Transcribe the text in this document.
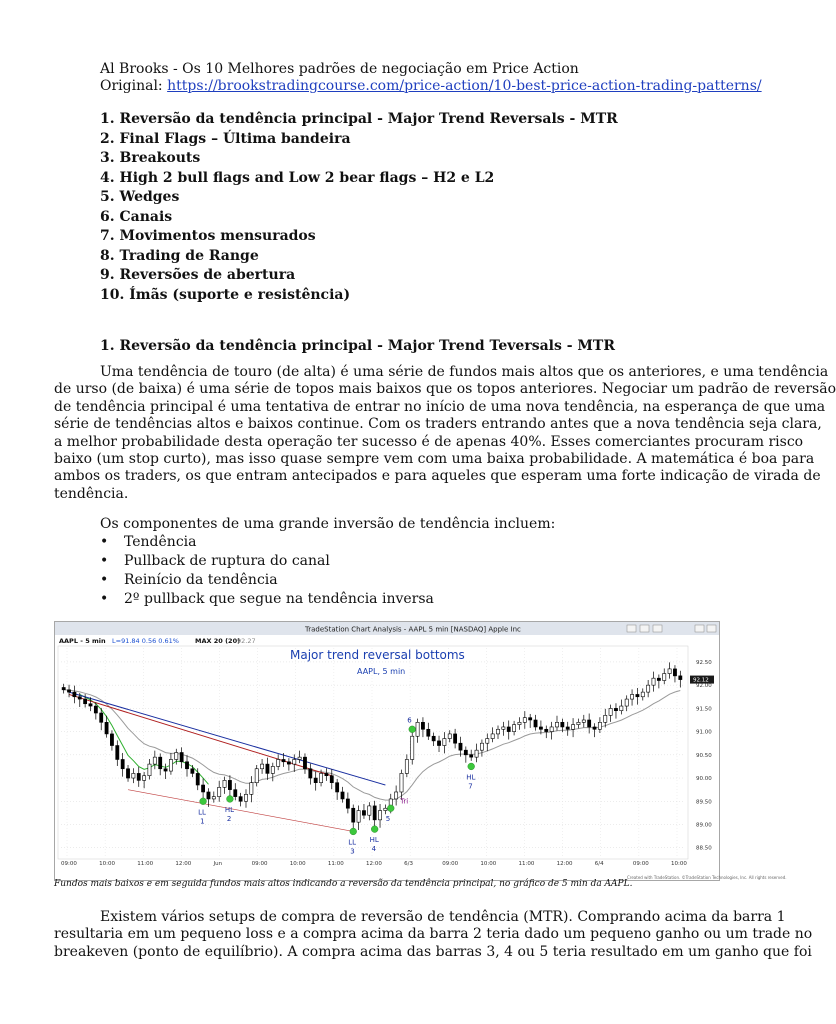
Al Brooks - Os 10 Melhores padrões de negociação em Price Action
Original: https://brookstradingcourse.com/price-action/10-best-price-action-trading-patterns/
1. Reversão da tendência principal - Major Trend Reversals - MTR
2. Final Flags – Última bandeira
3. Breakouts
4. High 2 bull flags and Low 2 bear flags – H2 e L2
5. Wedges
6. Canais
7. Movimentos mensurados
8. Trading de Range
9. Reversões de abertura
10. Ímãs (suporte e resistência)
1. Reversão da tendência principal - Major Trend Teversals - MTR

Uma tendência de touro (de alta) é uma série de fundos mais altos que os anteriores, e uma tendência
de urso (de baixa) é uma série de topos mais baixos que os topos anteriores. Negociar um padrão de reversão
de tendência principal é uma tentativa de entrar no início de uma nova tendência, na esperança de que uma
série de tendências altos e baixos continue. Com os traders entrando antes que a nova tendência seja clara,
a melhor probabilidade desta operação ter sucesso é de apenas 40%. Esses comerciantes procuram risco
baixo (um stop curto), mas isso quase sempre vem com uma baixa probabilidade. A matemática é boa para
ambos os traders, os que entram antecipados e para aqueles que esperam uma forte indicação de virada de
tendência.

Os componentes de uma grande inversão de tendência incluem:
• Tendência
• Pullback de ruptura do canal
• Reinício da tendência
• 2º pullback que segue na tendência inversa
TradeStation Chart Analysis - AAPL 5 min [NASDAQ] Apple Inc
AAPL - 5 min L=91.84 0.56 0.61% MAX 20 (20)
92.27
LL
1
HL
2
LL
3
HL
4
5
Tri
6
HL
7
Major trend reversal bottoms
AAPL, 5 min
92.50
92.00
91.50
91.00
90.50
90.00
89.50
89.00
88.50
92.12
09:00	10:00	11:00	12:00	Jun	09:00	10:00	11:00	12:00	6/3	09:00	10:00	11:00	12:00	6/4	09:00	10:00
Created with TradeStation. ©TradeStation Technologies, Inc. All rights reserved.
Fundos mais baixos e em seguida fundos mais altos indicando a reversão da tendência principal, no gráfico de 5 min da AAPL.

Existem vários setups de compra de reversão de tendência (MTR). Comprando acima da barra 1
resultaria em um pequeno loss e a compra acima da barra 2 teria dado um pequeno ganho ou um trade no
breakeven (ponto de equilíbrio). A compra acima das barras 3, 4 ou 5 teria resultado em um ganho que foi
